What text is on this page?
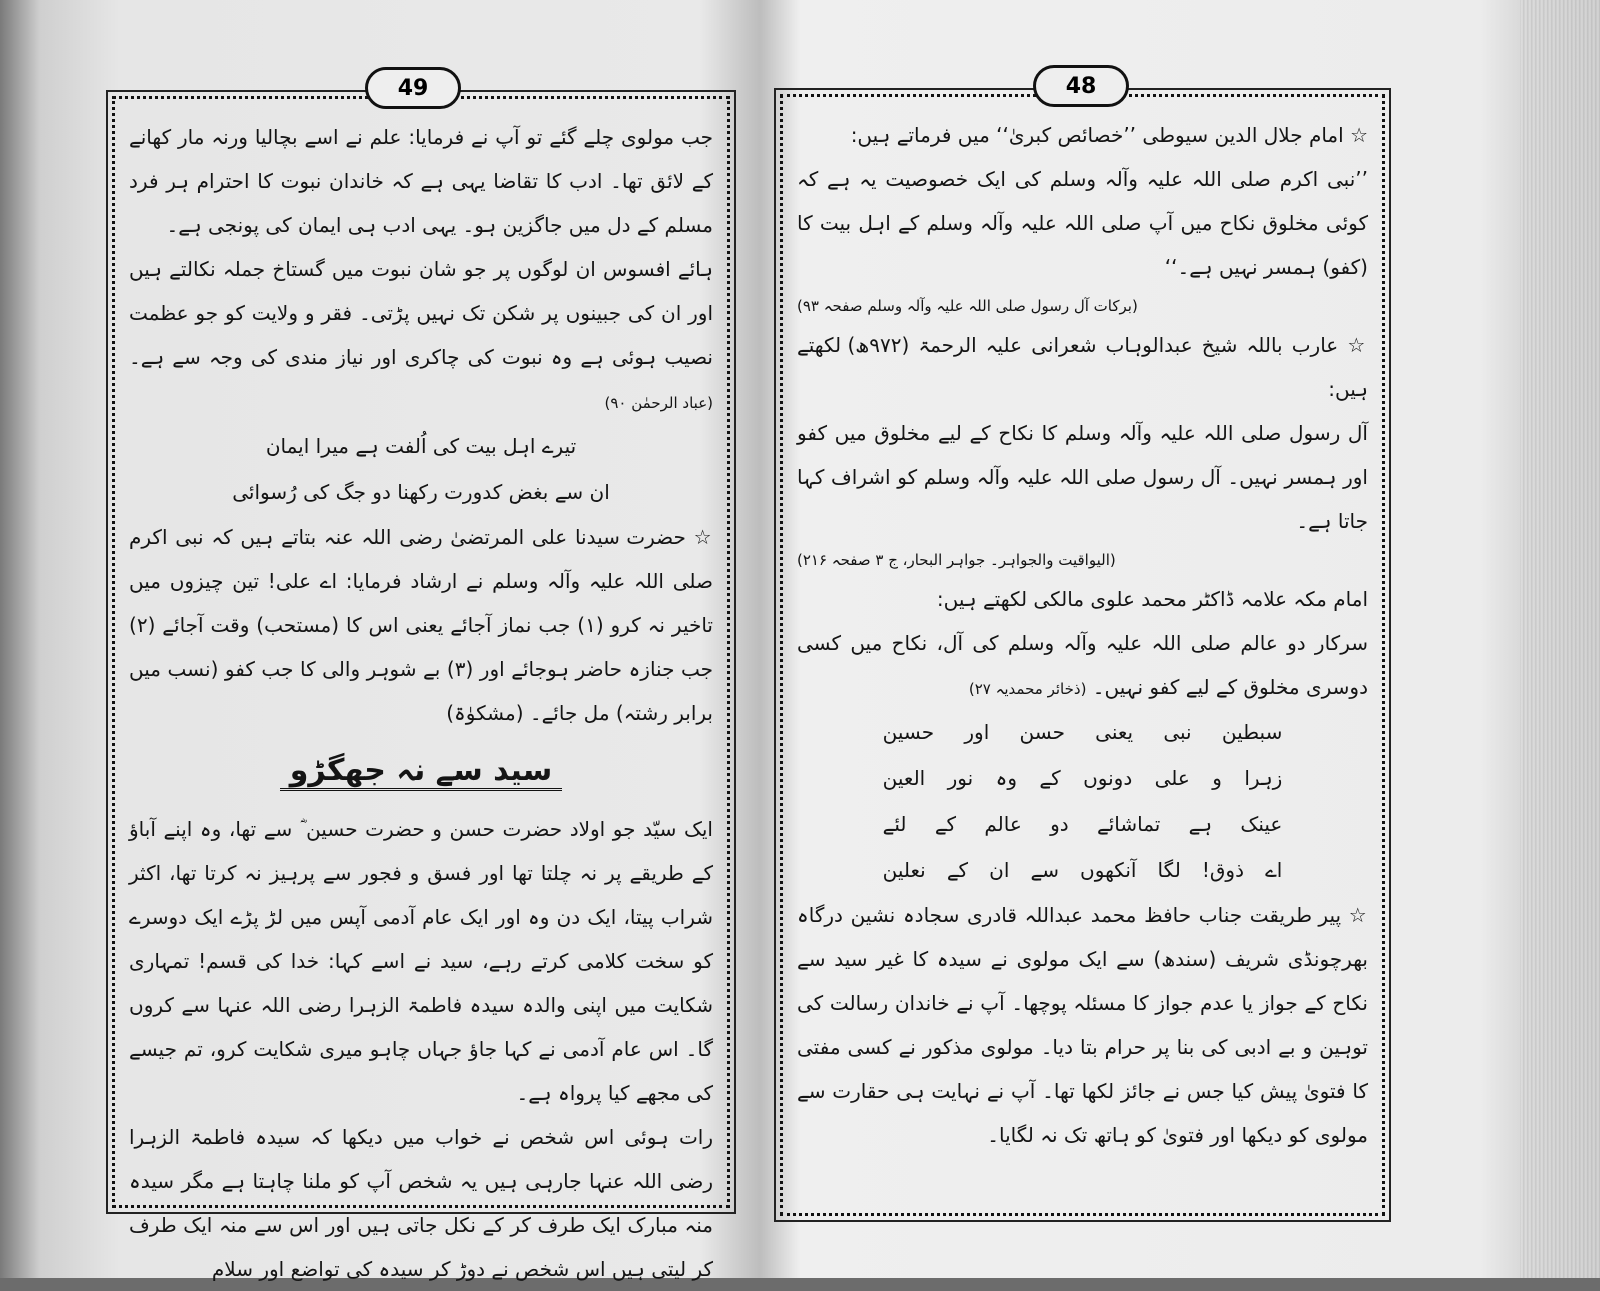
49

جب مولوی چلے گئے تو آپ نے فرمایا: علم نے اسے بچالیا ورنہ مار کھانے کے لائق تھا۔ ادب کا تقاضا یہی ہے کہ خاندان نبوت کا احترام ہر فرد مسلم کے دل میں جاگزین ہو۔ یہی ادب ہی ایمان کی پونجی ہے۔

ہائے افسوس ان لوگوں پر جو شان نبوت میں گستاخ جملہ نکالتے ہیں اور ان کی جبینوں پر شکن تک نہیں پڑتی۔ فقر و ولایت کو جو عظمت نصیب ہوئی ہے وہ نبوت کی چاکری اور نیاز مندی کی وجہ سے ہے۔ (عباد الرحمٰن ۹۰)

تیرے اہل بیت کی اُلفت ہے میرا ایمان

ان سے بغض کدورت رکھنا دو جگ کی رُسوائی

☆ حضرت سیدنا علی المرتضیٰ رضی اللہ عنہ بتاتے ہیں کہ نبی اکرم صلی اللہ علیہ وآلہ وسلم نے ارشاد فرمایا: اے علی! تین چیزوں میں تاخیر نہ کرو (۱) جب نماز آجائے یعنی اس کا (مستحب) وقت آجائے (۲) جب جنازہ حاضر ہوجائے اور (۳) بے شوہر والی کا جب کفو (نسب میں برابر رشتہ) مل جائے۔ (مشکوٰۃ)

سید سے نہ جھگڑو

ایک سیّد جو اولاد حضرت حسن و حضرت حسین ؓ سے تھا، وہ اپنے آباؤ کے طریقے پر نہ چلتا تھا اور فسق و فجور سے پرہیز نہ کرتا تھا، اکثر شراب پیتا، ایک دن وہ اور ایک عام آدمی آپس میں لڑ پڑے ایک دوسرے کو سخت کلامی کرتے رہے، سید نے اسے کہا: خدا کی قسم! تمہاری شکایت میں اپنی والدہ سیدہ فاطمۃ الزہرا رضی اللہ عنہا سے کروں گا۔ اس عام آدمی نے کہا جاؤ جہاں چاہو میری شکایت کرو، تم جیسے کی مجھے کیا پرواہ ہے۔

رات ہوئی اس شخص نے خواب میں دیکھا کہ سیدہ فاطمۃ الزہرا رضی اللہ عنہا جارہی ہیں یہ شخص آپ کو ملنا چاہتا ہے مگر سیدہ منہ مبارک ایک طرف کر کے نکل جاتی ہیں اور اس سے منہ ایک طرف کر لیتی ہیں اس شخص نے دوڑ کر سیدہ کی تواضع اور سلام

48

☆ امام جلال الدین سیوطی ’’خصائص کبریٰ‘‘ میں فرماتے ہیں:

’’نبی اکرم صلی اللہ علیہ وآلہ وسلم کی ایک خصوصیت یہ ہے کہ کوئی مخلوق نکاح میں آپ صلی اللہ علیہ وآلہ وسلم کے اہل بیت کا (کفو) ہمسر نہیں ہے۔‘‘

(برکات آل رسول صلی اللہ علیہ وآلہ وسلم صفحہ ۹۳)

☆ عارب باللہ شیخ عبدالوہاب شعرانی علیہ الرحمۃ (۹۷۲ھ) لکھتے ہیں:

آل رسول صلی اللہ علیہ وآلہ وسلم کا نکاح کے لیے مخلوق میں کفو اور ہمسر نہیں۔ آل رسول صلی اللہ علیہ وآلہ وسلم کو اشراف کہا جاتا ہے۔

(الیواقیت والجواہر۔ جواہر البحار، ج ۳ صفحہ ۲۱۶)

امام مکہ علامہ ڈاکٹر محمد علوی مالکی لکھتے ہیں:

سرکار دو عالم صلی اللہ علیہ وآلہ وسلم کی آل، نکاح میں کسی دوسری مخلوق کے لیے کفو نہیں۔ (ذخائر محمدیہ ۲۷)

سبطین نبی یعنی حسن اور حسین

زہرا و علی دونوں کے وہ نور العین

عینک ہے تماشائے دو عالم کے لئے

اے ذوق! لگا آنکھوں سے ان کے نعلین

☆ پیر طریقت جناب حافظ محمد عبداللہ قادری سجادہ نشین درگاہ بھرچونڈی شریف (سندھ) سے ایک مولوی نے سیدہ کا غیر سید سے نکاح کے جواز یا عدم جواز کا مسئلہ پوچھا۔ آپ نے خاندان رسالت کی توہین و بے ادبی کی بنا پر حرام بتا دیا۔ مولوی مذکور نے کسی مفتی کا فتویٰ پیش کیا جس نے جائز لکھا تھا۔ آپ نے نہایت ہی حقارت سے مولوی کو دیکھا اور فتویٰ کو ہاتھ تک نہ لگایا۔
